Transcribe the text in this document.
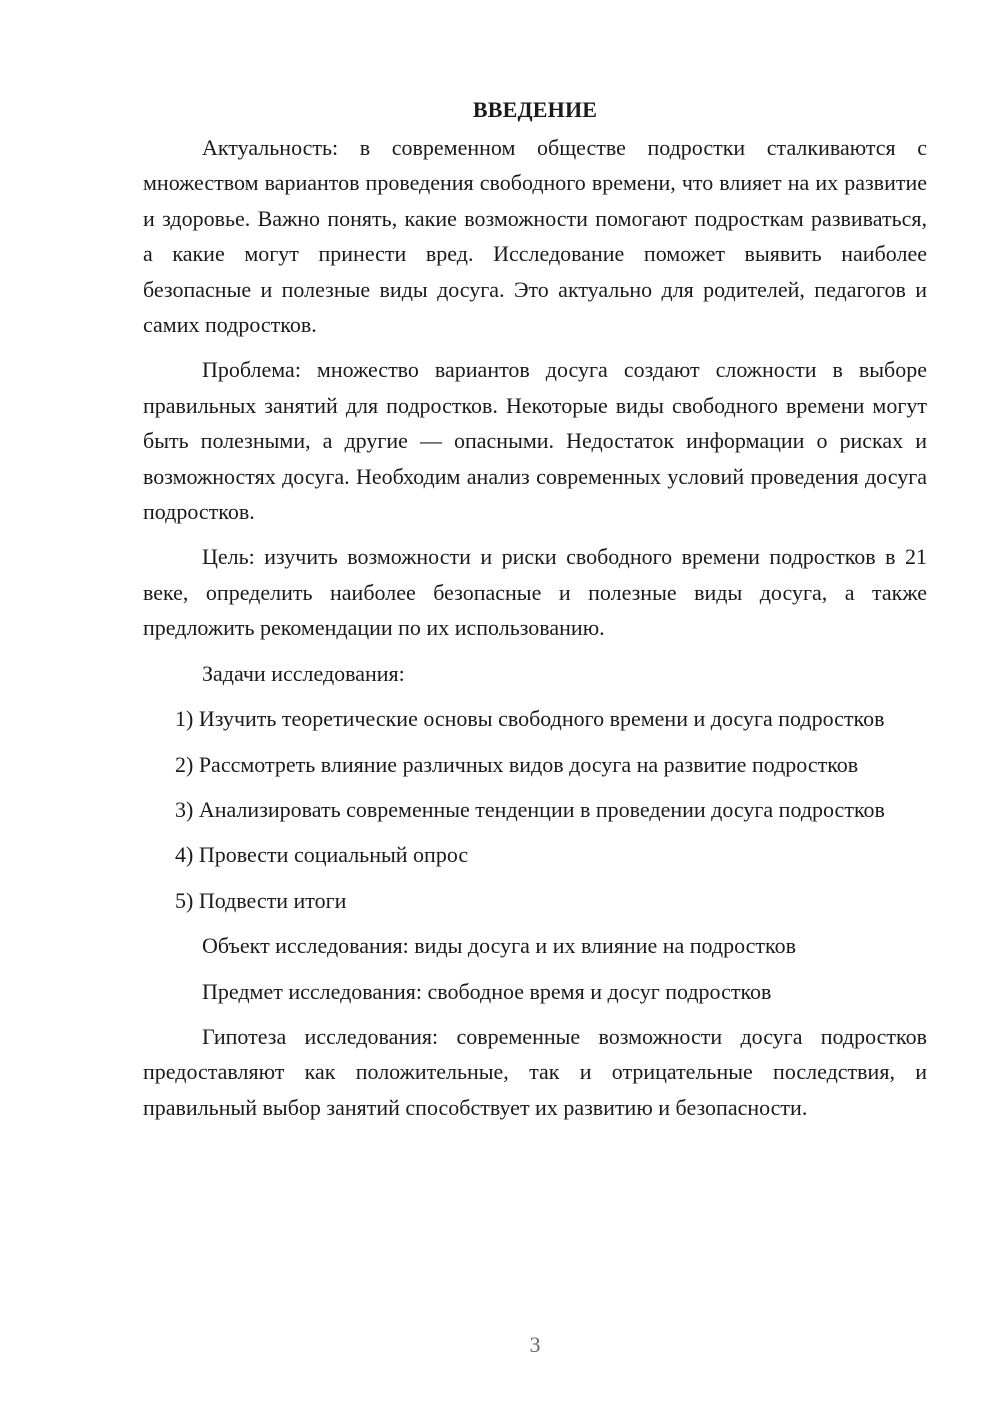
ВВЕДЕНИЕ

Актуальность: в современном обществе подростки сталкиваются с множеством вариантов проведения свободного времени, что влияет на их развитие и здоровье. Важно понять, какие возможности помогают подросткам развиваться, а какие могут принести вред. Исследование поможет выявить наиболее безопасные и полезные виды досуга. Это актуально для родителей, педагогов и самих подростков.

Проблема: множество вариантов досуга создают сложности в выборе правильных занятий для подростков. Некоторые виды свободного времени могут быть полезными, а другие — опасными. Недостаток информации о рисках и возможностях досуга. Необходим анализ современных условий проведения досуга подростков.

Цель: изучить возможности и риски свободного времени подростков в 21 веке, определить наиболее безопасные и полезные виды досуга, а также предложить рекомендации по их использованию.

Задачи исследования:

1) Изучить теоретические основы свободного времени и досуга подростков

2) Рассмотреть влияние различных видов досуга на развитие подростков

3) Анализировать современные тенденции в проведении досуга подростков

4) Провести социальный опрос

5) Подвести итоги

Объект исследования: виды досуга и их влияние на подростков

Предмет исследования: свободное время и досуг подростков

Гипотеза исследования: современные возможности досуга подростков предоставляют как положительные, так и отрицательные последствия, и правильный выбор занятий способствует их развитию и безопасности.

3
